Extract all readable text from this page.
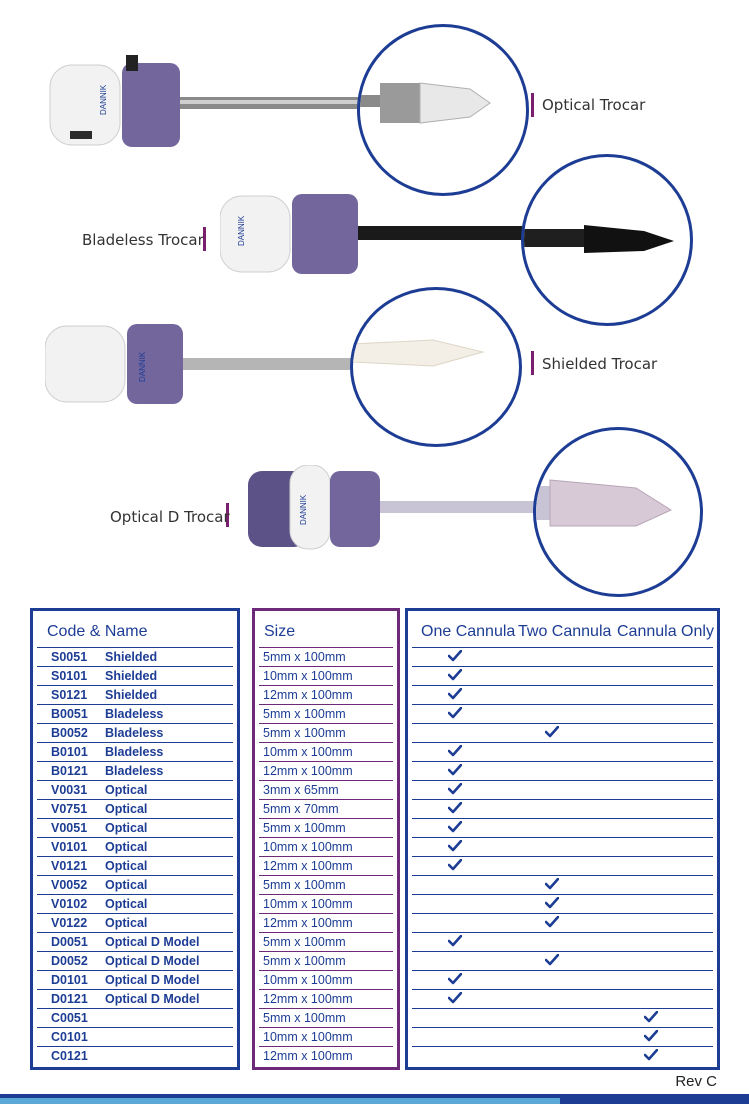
DANNIK	Optical Trocar
DANNIK
Bladeless Trocar
DANNIK	Shielded Trocar
DANNIK
Optical D Trocar
Code & Name
S0051 Shielded
S0101 Shielded
S0121 Shielded
B0051 Bladeless
B0052 Bladeless
B0101 Bladeless
B0121 Bladeless
V0031 Optical
V0751 Optical
V0051 Optical
V0101 Optical
V0121 Optical
V0052 Optical
V0102 Optical
V0122 Optical
D0051 Optical D Model
D0052 Optical D Model
D0101 Optical D Model
D0121 Optical D Model
C0051
C0101
C0121
Size
5mm x 100mm
10mm x 100mm
12mm x 100mm
5mm x 100mm
5mm x 100mm
10mm x 100mm
12mm x 100mm
3mm x 65mm
5mm x 70mm
5mm x 100mm
10mm x 100mm
12mm x 100mm
5mm x 100mm
10mm x 100mm
12mm x 100mm
5mm x 100mm
5mm x 100mm
10mm x 100mm
12mm x 100mm
5mm x 100mm
10mm x 100mm
12mm x 100mm
One Cannula Two Cannula Cannula Only
Rev C
